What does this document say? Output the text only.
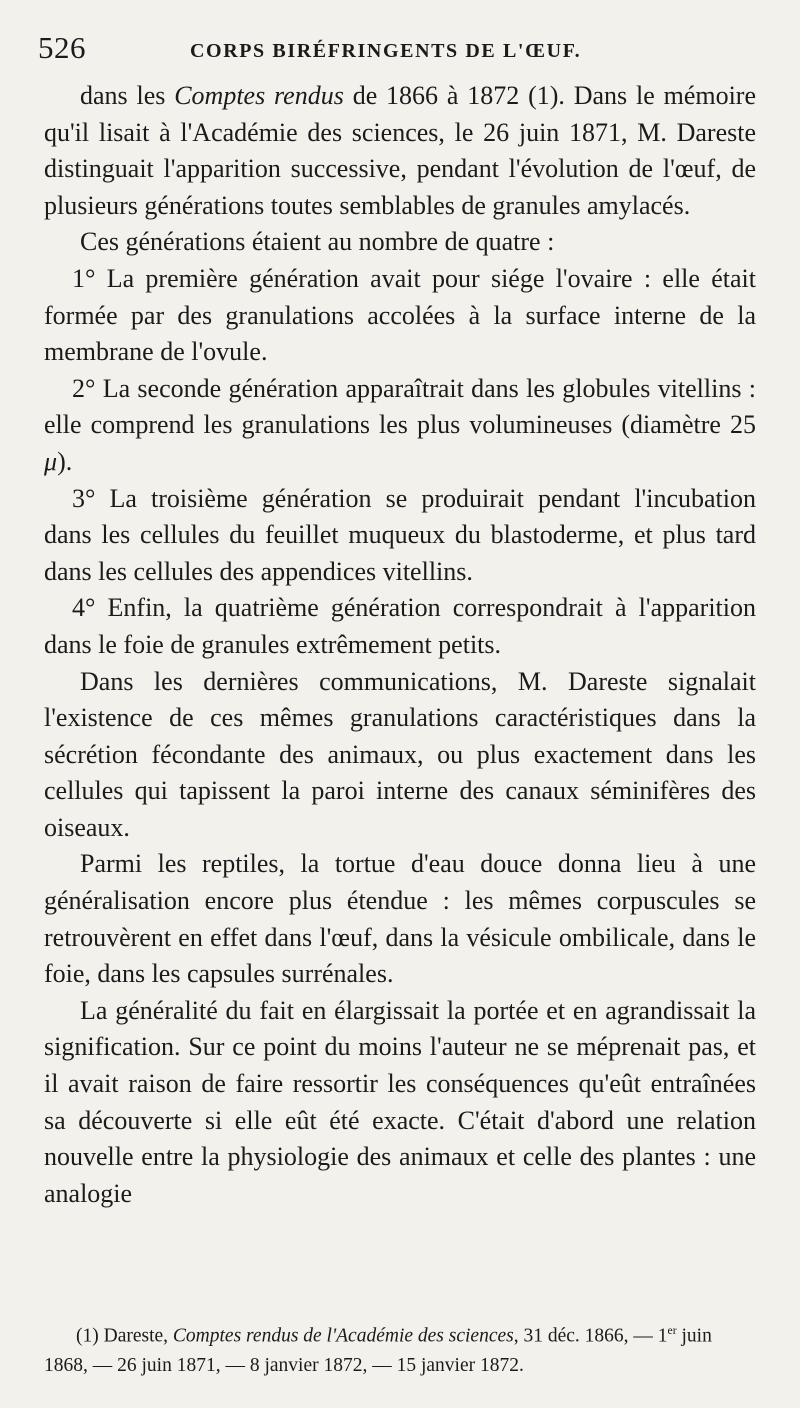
526	CORPS BIRÉFRINGENTS DE L'ŒUF.

dans les Comptes rendus de 1866 à 1872 (1). Dans le mémoire qu'il lisait à l'Académie des sciences, le 26 juin 1871, M. Dareste distinguait l'apparition successive, pendant l'évolution de l'œuf, de plusieurs générations toutes semblables de granules amylacés.

Ces générations étaient au nombre de quatre :

1° La première génération avait pour siége l'ovaire : elle était formée par des granulations accolées à la surface interne de la membrane de l'ovule.

2° La seconde génération apparaîtrait dans les globules vitellins : elle comprend les granulations les plus volumineuses (diamètre 25 μ).

3° La troisième génération se produirait pendant l'incubation dans les cellules du feuillet muqueux du blastoderme, et plus tard dans les cellules des appendices vitellins.

4° Enfin, la quatrième génération correspondrait à l'apparition dans le foie de granules extrêmement petits.

Dans les dernières communications, M. Dareste signalait l'existence de ces mêmes granulations caractéristiques dans la sécrétion fécondante des animaux, ou plus exactement dans les cellules qui tapissent la paroi interne des canaux séminifères des oiseaux.

Parmi les reptiles, la tortue d'eau douce donna lieu à une généralisation encore plus étendue : les mêmes corpuscules se retrouvèrent en effet dans l'œuf, dans la vésicule ombilicale, dans le foie, dans les capsules surrénales.

La généralité du fait en élargissait la portée et en agrandissait la signification. Sur ce point du moins l'auteur ne se méprenait pas, et il avait raison de faire ressortir les conséquences qu'eût entraînées sa découverte si elle eût été exacte. C'était d'abord une relation nouvelle entre la physiologie des animaux et celle des plantes : une analogie

(1) Dareste, Comptes rendus de l'Académie des sciences, 31 déc. 1866, — 1er juin 1868, — 26 juin 1871, — 8 janvier 1872, — 15 janvier 1872.
